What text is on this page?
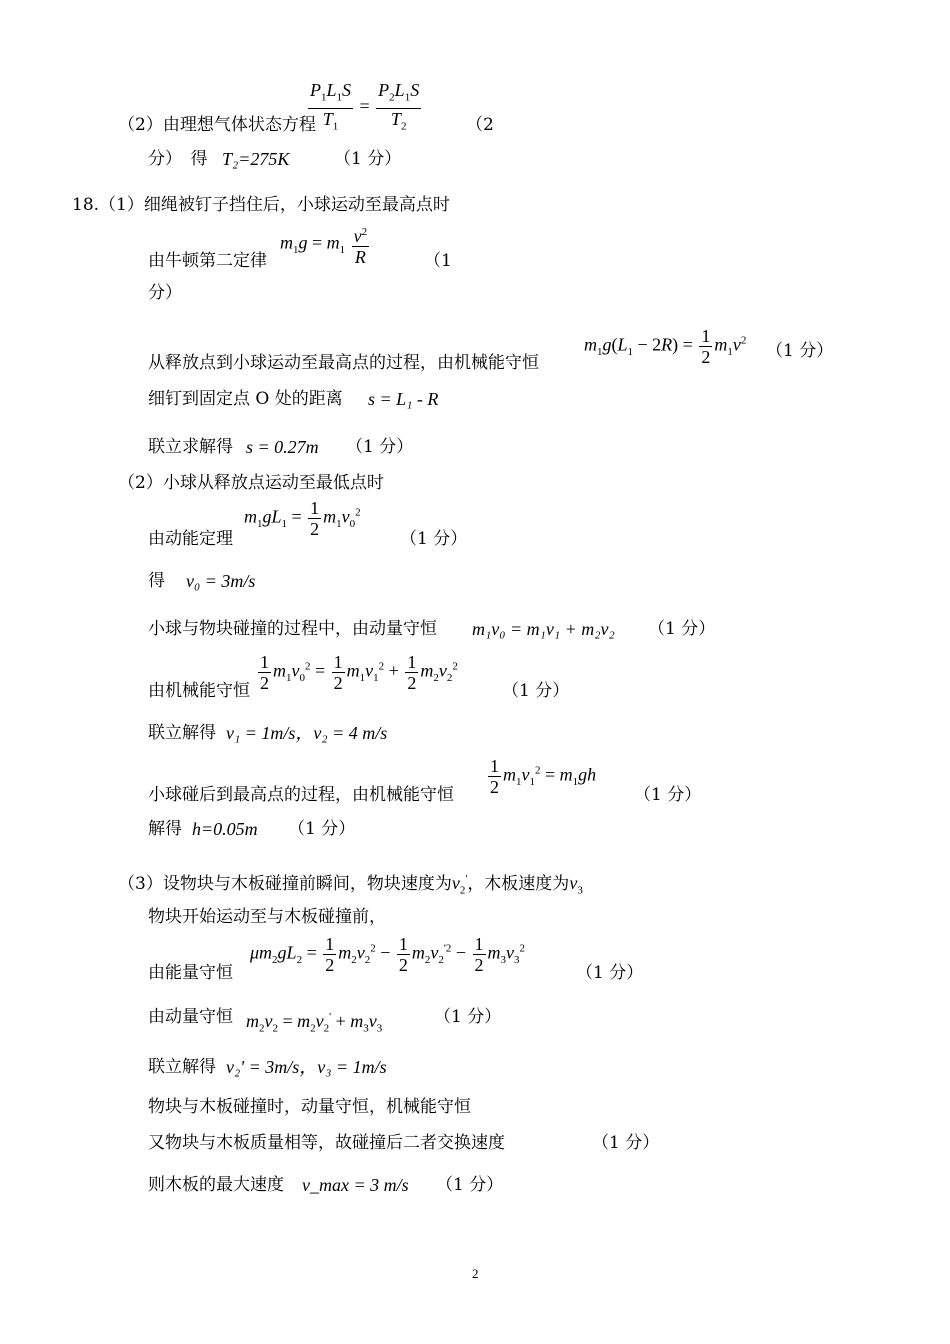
$\frac{P_1L_1S}{T_1} = \frac{P_2L_1S}{T_2}$
（2）由理想气体状态方程	（2
分）　得 T₂=275K	（1 分）
18.（1）细绳被钉子挡住后，小球运动至最高点时
由牛顿第二定律
$m_1g = m_1 \frac{v^2}{R}$	（1
分）
从释放点到小球运动至最高点的过程，由机械能守恒
$m_1g(L_1 - 2R) = \frac{1}{2} m_1v^2$
（1 分）
细钉到固定点 O 处的距离 s = L₁ - R
联立求解得 s = 0.27m （1 分）
（2）小球从释放点运动至最低点时
由动能定理
$m_1gL_1 = \frac{1}{2} m_1v_0^2$
（1 分）
得 v₀ = 3m/s
小球与物块碰撞的过程中，由动量守恒 m₁v₀ = m₁v₁ + m₂v₂ （1 分）
由机械能守恒 $\frac{1}{2} m_1v_0^2 = \frac{1}{2} m_1v_1^2 + \frac{1}{2} m_2v_2^2$
（1 分）
联立解得 v₁ = 1m/s，v₂ = 4 m/s
小球碰后到最高点的过程，由机械能守恒 $\frac{1}{2} m_1v_1^2 = m_1gh$
（1 分）
解得 h=0.05m （1 分）
（3）设物块与木板碰撞前瞬间，物块速度为$v_2'$，木板速度为$v_3$
物块开始运动至与木板碰撞前，
由能量守恒
$\mu m_2gL_2 = \frac{1}{2} m_2v_2^2 - \frac{1}{2} m_2v_2^{'2} - \frac{1}{2} m_3v_3^2$
（1 分）
由动量守恒 $m_2v_2 = m_2v_2' + m_3v_3$
（1 分）
联立解得 v₂' = 3m/s，v₃ = 1m/s
物块与木板碰撞时，动量守恒，机械能守恒
又物块与木板质量相等，故碰撞后二者交换速度	（1 分）
则木板的最大速度 v_max = 3 m/s （1 分）
2
